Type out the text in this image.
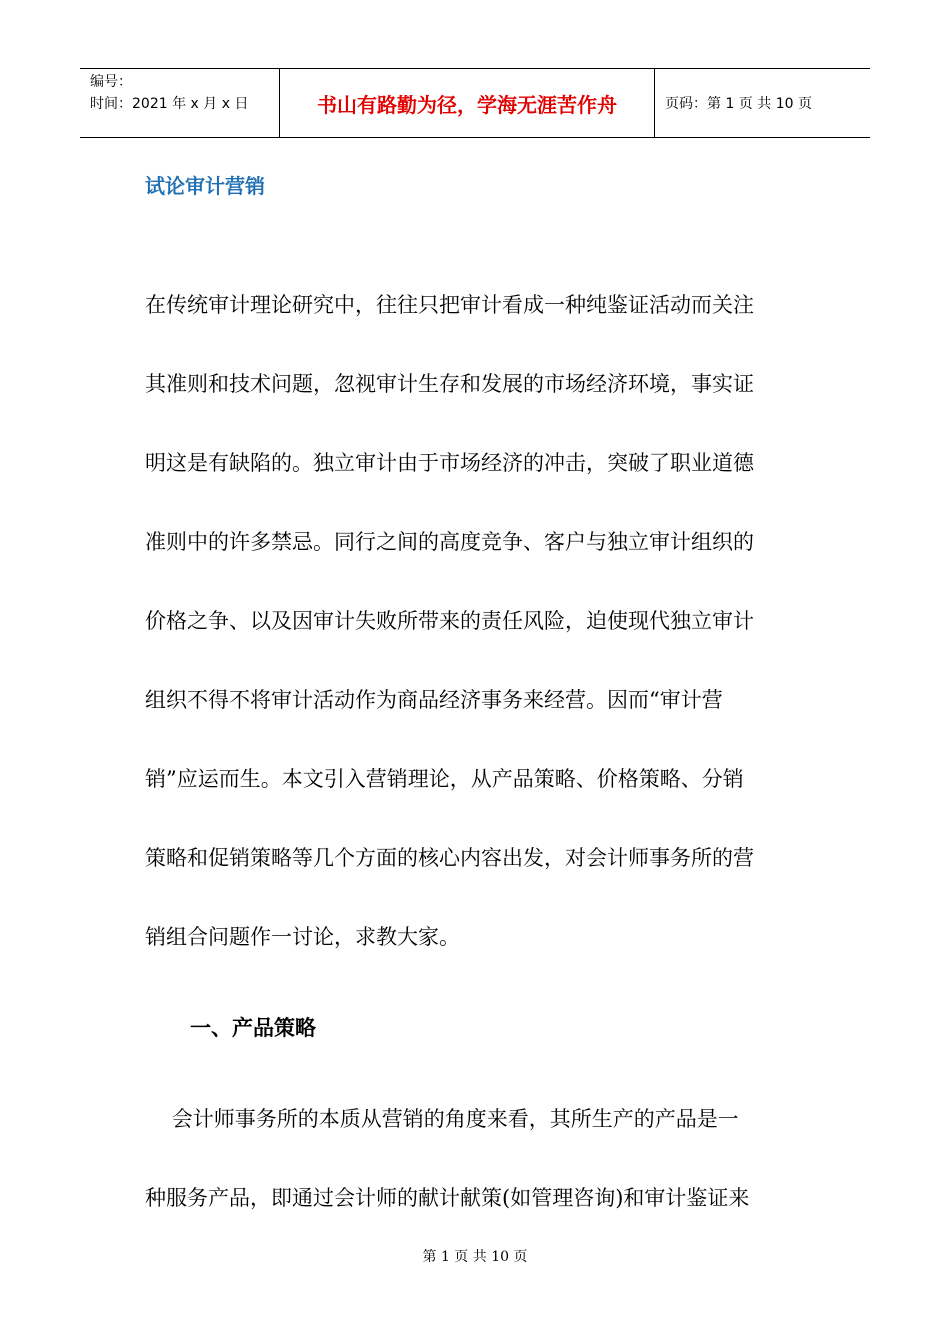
编号：
时间：2021 年 x 月 x 日	书山有路勤为径，学海无涯苦作舟	页码：第 1 页 共 10 页
试论审计营销
在传统审计理论研究中，往往只把审计看成一种纯鉴证活动而关注
其准则和技术问题，忽视审计生存和发展的市场经济环境，事实证
明这是有缺陷的。独立审计由于市场经济的冲击，突破了职业道德
准则中的许多禁忌。同行之间的高度竞争、客户与独立审计组织的
价格之争、以及因审计失败所带来的责任风险，迫使现代独立审计
组织不得不将审计活动作为商品经济事务来经营。因而“审计营
销”应运而生。本文引入营销理论，从产品策略、价格策略、分销
策略和促销策略等几个方面的核心内容出发，对会计师事务所的营
销组合问题作一讨论，求教大家。
一、产品策略
会计师事务所的本质从营销的角度来看，其所生产的产品是一
种服务产品，即通过会计师的献计献策(如管理咨询)和审计鉴证来
第 1 页 共 10 页
